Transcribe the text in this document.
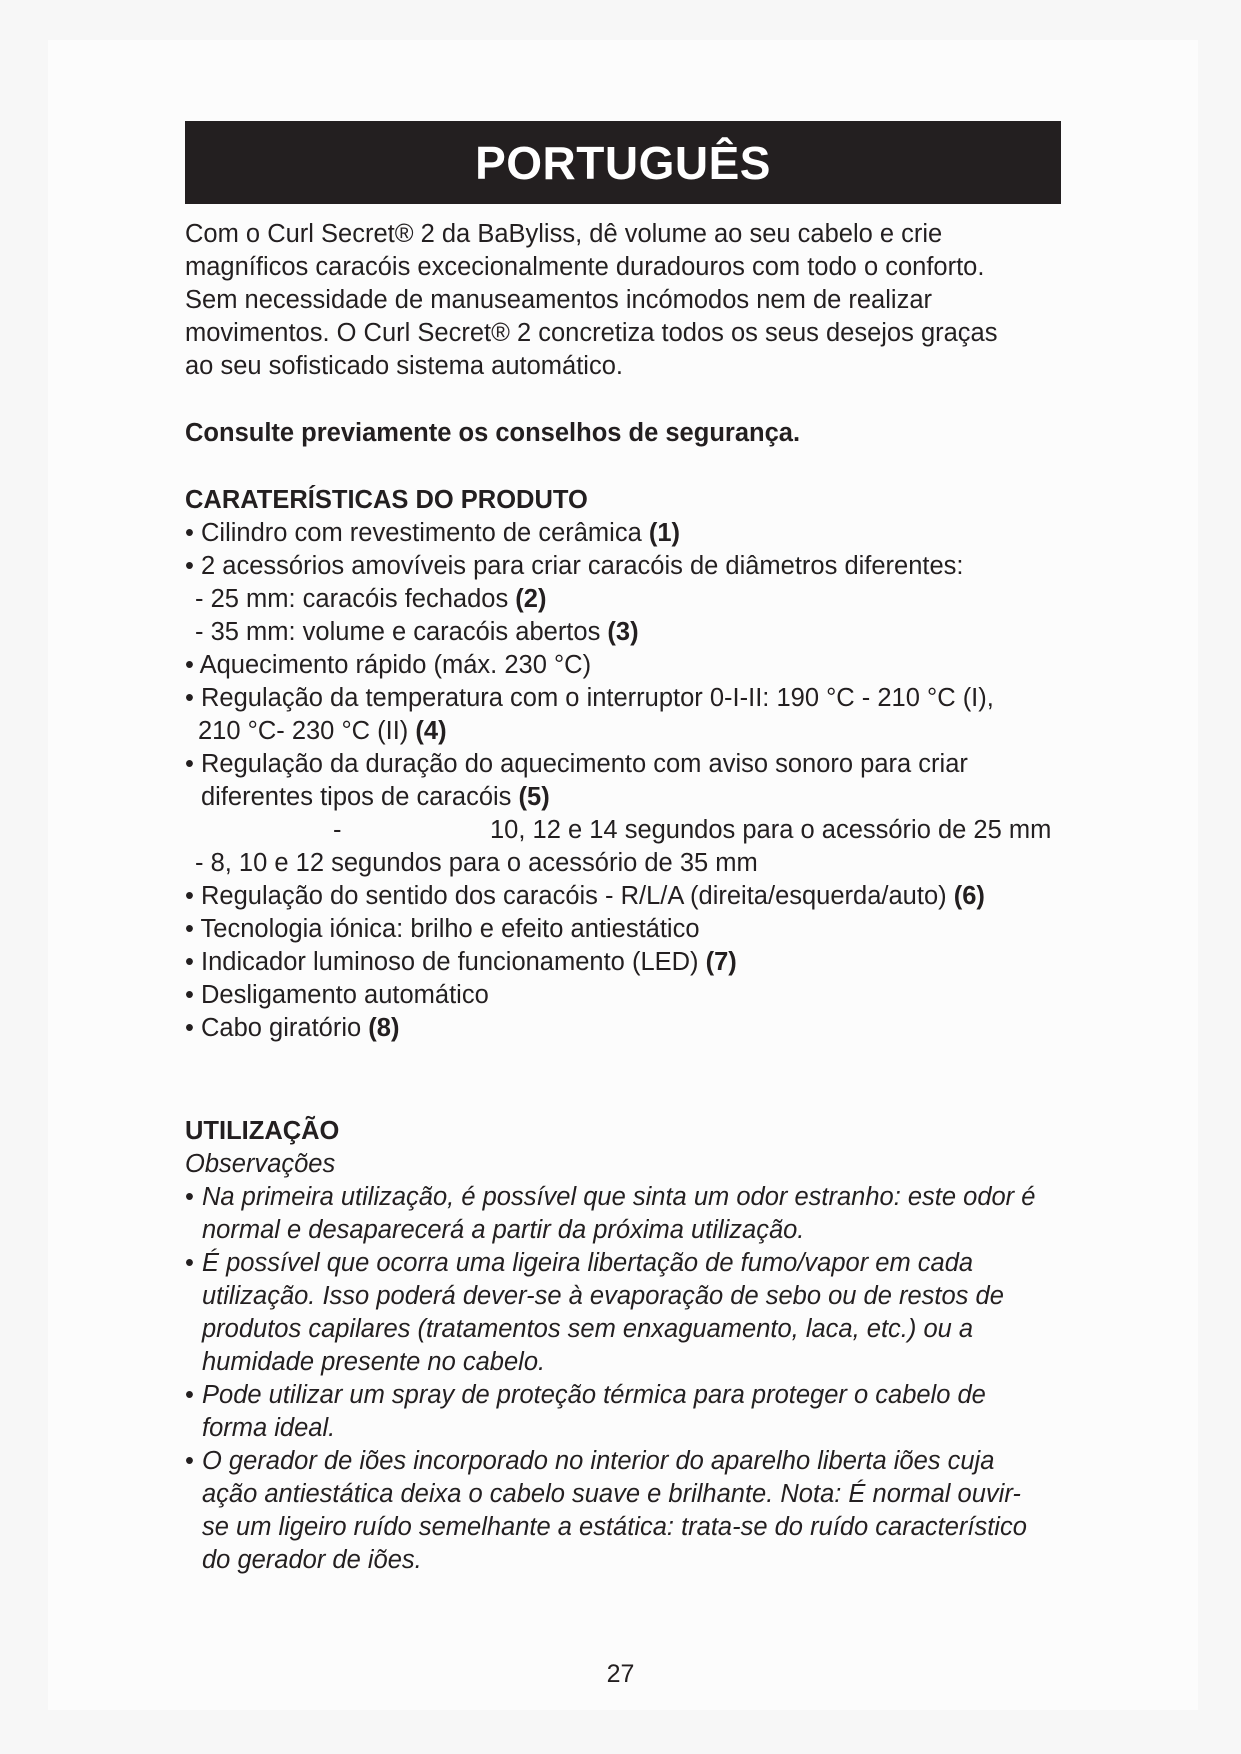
PORTUGUÊS

Com o Curl Secret® 2 da BaByliss, dê volume ao seu cabelo e crie

magníficos caracóis excecionalmente duradouros com todo o conforto.

Sem necessidade de manuseamentos incómodos nem de realizar

movimentos. O Curl Secret® 2 concretiza todos os seus desejos graças

ao seu sofisticado sistema automático.

Consulte previamente os conselhos de segurança.
CARATERÍSTICAS DO PRODUTO
• Cilindro com revestimento de cerâmica (1)
• 2 acessórios amovíveis para criar caracóis de diâmetros diferentes:
- 25 mm: caracóis fechados (2)
- 35 mm: volume e caracóis abertos (3)
• Aquecimento rápido (máx. 230 °C)
• Regulação da temperatura com o interruptor 0-I-II: 190 °C - 210 °C (I),
210 °C- 230 °C (II) (4)
• Regulação da duração do aquecimento com aviso sonoro para criar
diferentes tipos de caracóis (5)
-	10, 12 e 14 segundos para o acessório de 25 mm
- 8, 10 e 12 segundos para o acessório de 35 mm
• Regulação do sentido dos caracóis - R/L/A (direita/esquerda/auto) (6)
• Tecnologia iónica: brilho e efeito antiestático
• Indicador luminoso de funcionamento (LED) (7)
• Desligamento automático
• Cabo giratório (8)
UTILIZAÇÃO
Observações
• Na primeira utilização, é possível que sinta um odor estranho: este odor é
normal e desaparecerá a partir da próxima utilização.
• É possível que ocorra uma ligeira libertação de fumo/vapor em cada
utilização. Isso poderá dever-se à evaporação de sebo ou de restos de
produtos capilares (tratamentos sem enxaguamento, laca, etc.) ou a
humidade presente no cabelo.
• Pode utilizar um spray de proteção térmica para proteger o cabelo de
forma ideal.
• O gerador de iões incorporado no interior do aparelho liberta iões cuja
ação antiestática deixa o cabelo suave e brilhante. Nota: É normal ouvir-
se um ligeiro ruído semelhante a estática: trata-se do ruído característico
do gerador de iões.
27
